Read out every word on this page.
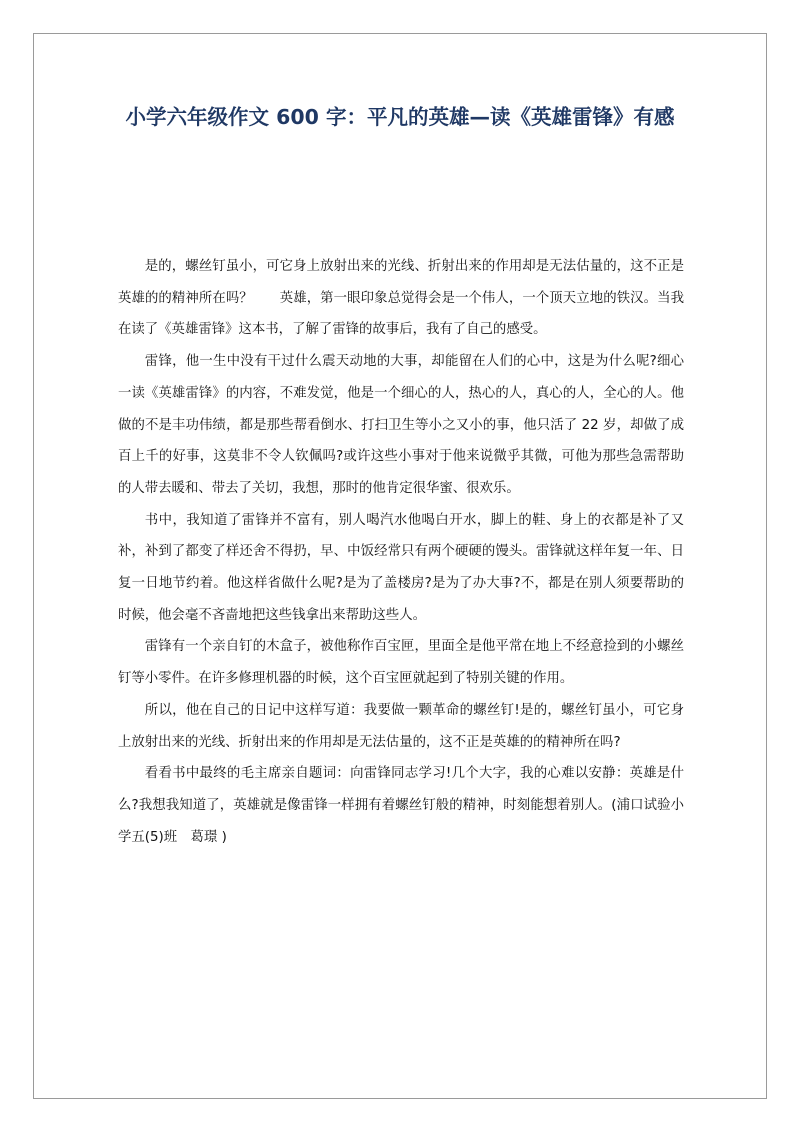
小学六年级作文 600 字：平凡的英雄—读《英雄雷锋》有感

是的，螺丝钉虽小，可它身上放射出来的光线、折射出来的作用却是无法估量的，这不正是英雄的的精神所在吗？　　英雄，第一眼印象总觉得会是一个伟人，一个顶天立地的铁汉。当我在读了《英雄雷锋》这本书，了解了雷锋的故事后，我有了自己的感受。

雷锋，他一生中没有干过什么震天动地的大事，却能留在人们的心中，这是为什么呢?细心一读《英雄雷锋》的内容，不难发觉，他是一个细心的人，热心的人，真心的人，全心的人。他做的不是丰功伟绩，都是那些帮看倒水、打扫卫生等小之又小的事，他只活了 22 岁，却做了成百上千的好事，这莫非不令人钦佩吗?或许这些小事对于他来说微乎其微，可他为那些急需帮助的人带去暖和、带去了关切，我想，那时的他肯定很华蜜、很欢乐。

书中，我知道了雷锋并不富有，别人喝汽水他喝白开水，脚上的鞋、身上的衣都是补了又补，补到了都变了样还舍不得扔，早、中饭经常只有两个硬硬的馒头。雷锋就这样年复一年、日复一日地节约着。他这样省做什么呢?是为了盖楼房?是为了办大事?不，都是在别人须要帮助的时候，他会毫不吝啬地把这些钱拿出来帮助这些人。

雷锋有一个亲自钉的木盒子，被他称作百宝匣，里面全是他平常在地上不经意捡到的小螺丝钉等小零件。在许多修理机器的时候，这个百宝匣就起到了特别关键的作用。

所以，他在自己的日记中这样写道：我要做一颗革命的螺丝钉!是的，螺丝钉虽小，可它身上放射出来的光线、折射出来的作用却是无法估量的，这不正是英雄的的精神所在吗?

看看书中最终的毛主席亲自题词：向雷锋同志学习!几个大字，我的心难以安静：英雄是什么?我想我知道了，英雄就是像雷锋一样拥有着螺丝钉般的精神，时刻能想着别人。(浦口试验小学五(5)班　葛璟 )
